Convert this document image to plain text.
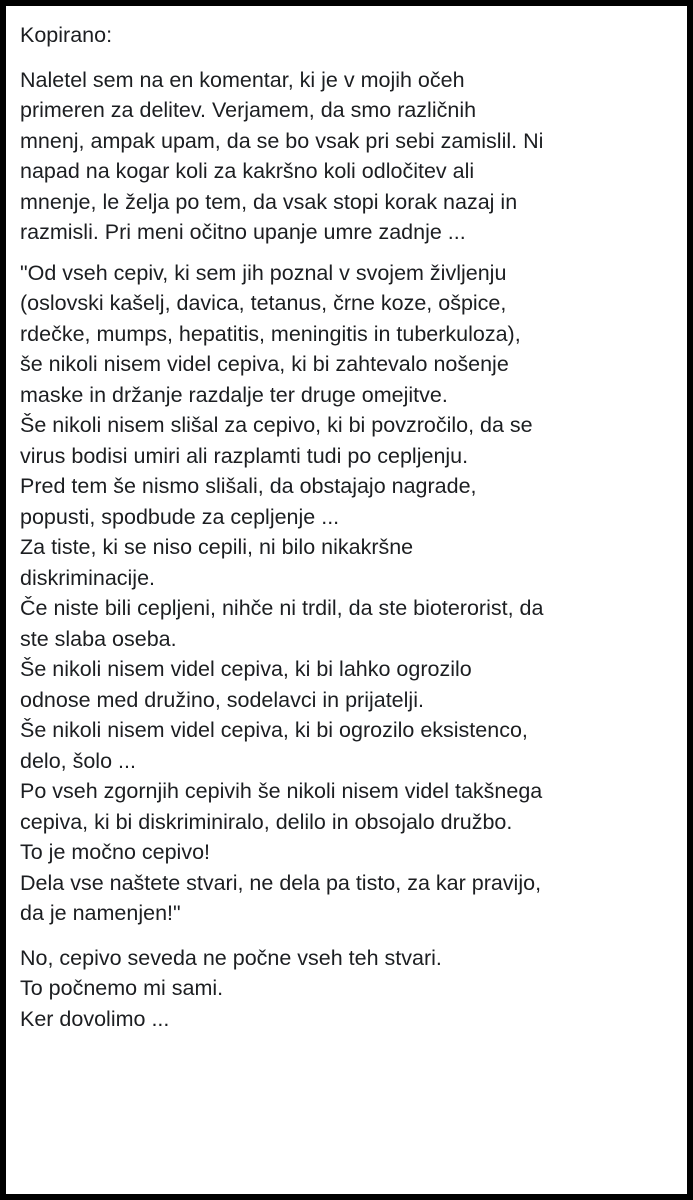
Kopirano:

Naletel sem na en komentar, ki je v mojih očeh
primeren za delitev. Verjamem, da smo različnih
mnenj, ampak upam, da se bo vsak pri sebi zamislil. Ni
napad na kogar koli za kakršno koli odločitev ali
mnenje, le želja po tem, da vsak stopi korak nazaj in
razmisli. Pri meni očitno upanje umre zadnje ...

"Od vseh cepiv, ki sem jih poznal v svojem življenju
(oslovski kašelj, davica, tetanus, črne koze, ošpice,
rdečke, mumps, hepatitis, meningitis in tuberkuloza),
še nikoli nisem videl cepiva, ki bi zahtevalo nošenje
maske in držanje razdalje ter druge omejitve.
Še nikoli nisem slišal za cepivo, ki bi povzročilo, da se
virus bodisi umiri ali razplamti tudi po cepljenju.
Pred tem še nismo slišali, da obstajajo nagrade,
popusti, spodbude za cepljenje ...
Za tiste, ki se niso cepili, ni bilo nikakršne
diskriminacije.
Če niste bili cepljeni, nihče ni trdil, da ste bioterorist, da
ste slaba oseba.
Še nikoli nisem videl cepiva, ki bi lahko ogrozilo
odnose med družino, sodelavci in prijatelji.
Še nikoli nisem videl cepiva, ki bi ogrozilo eksistenco,
delo, šolo ...
Po vseh zgornjih cepivih še nikoli nisem videl takšnega
cepiva, ki bi diskriminiralo, delilo in obsojalo družbo.
To je močno cepivo!
Dela vse naštete stvari, ne dela pa tisto, za kar pravijo,
da je namenjen!"

No, cepivo seveda ne počne vseh teh stvari.
To počnemo mi sami.
Ker dovolimo ...
